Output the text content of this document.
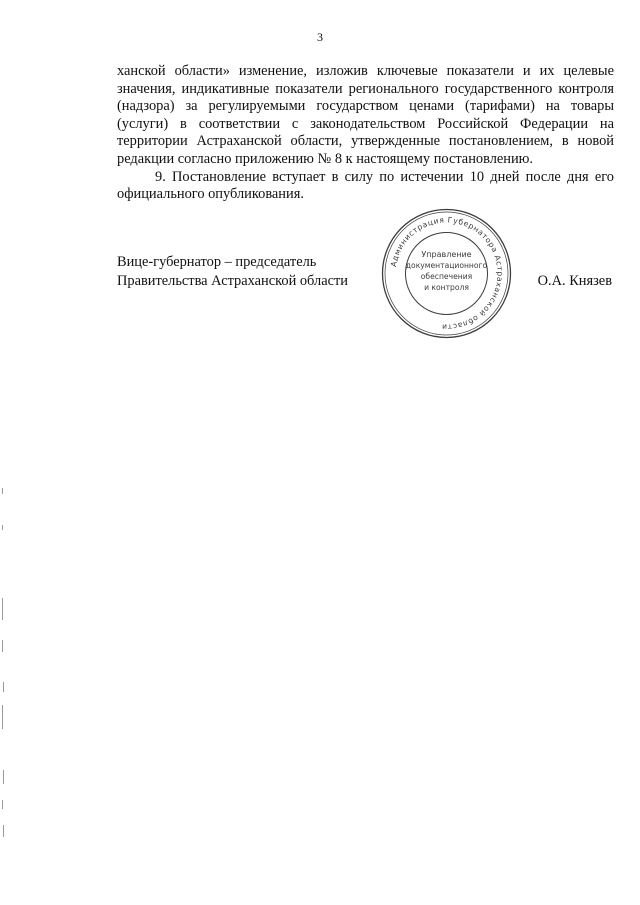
3

ханской области» изменение, изложив ключевые показатели и их целевые значения, индикативные показатели регионального государственного контроля (надзора) за регулируемыми государством ценами (тарифами) на товары (услуги) в соответствии с законодательством Российской Федерации на территории Астраханской области, утвержденные постановлением, в новой редакции согласно приложению № 8 к настоящему постановлению.

9. Постановление вступает в силу по истечении 10 дней после дня его официального опубликования.

Вице-губернатор – председатель
Правительства Астраханской области
Администрация Губернатора Астраханской области
Управление
документационного
обеспечения
и контроля	О.А. Князев
